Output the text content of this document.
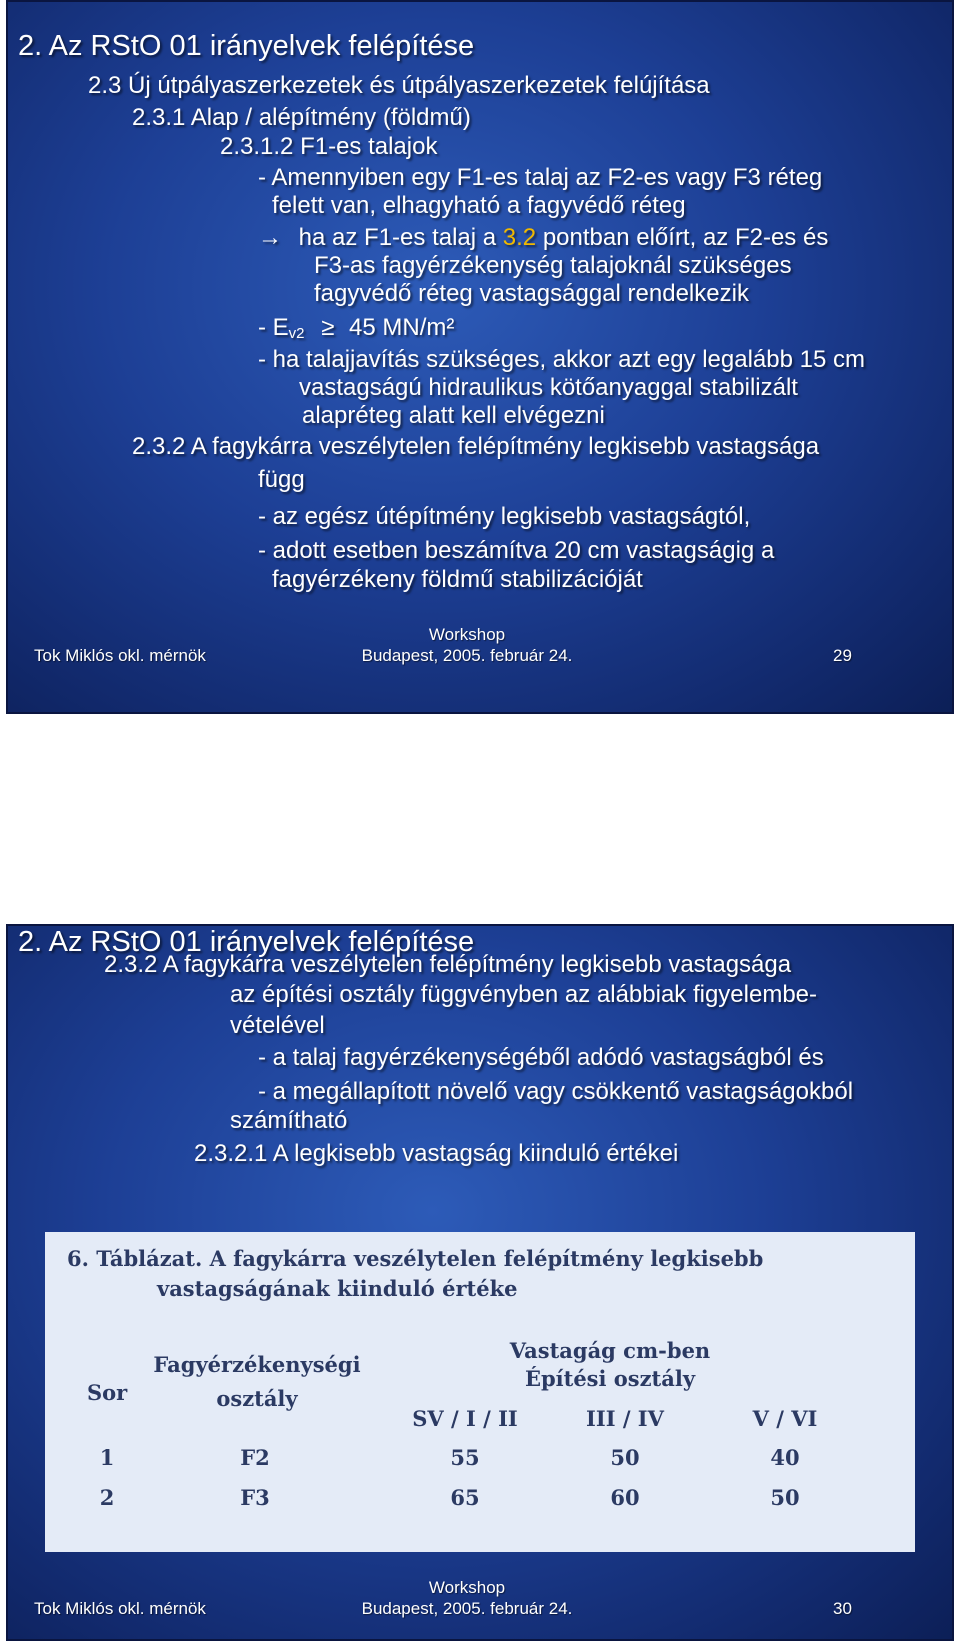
2. Az RStO 01 irányelvek felépítése
2.3 Új útpályaszerkezetek és útpályaszerkezetek felújítása
2.3.1 Alap / alépítmény (földmű)
2.3.1.2 F1-es talajok
- Amennyiben egy F1-es talaj az F2-es vagy F3 réteg
felett van, elhagyható a fagyvédő réteg
→ ha az F1-es talaj a 3.2 pontban előírt, az F2-es és
F3-as fagyérzékenység talajoknál szükséges
fagyvédő réteg vastagsággal rendelkezik
- $E_{v2} \ge 45$ MN/m²
- ha talajjavítás szükséges, akkor azt egy legalább 15 cm
vastagságú hidraulikus kötőanyaggal stabilizált
alapréteg alatt kell elvégezni
2.3.2 A fagykárra veszélytelen felépítmény legkisebb vastagsága
függ
- az egész útépítmény legkisebb vastagságtól,
- adott esetben beszámítva 20 cm vastagságig a
fagyérzékeny földmű stabilizációját
Tok Miklós okl. mérnök
Workshop
Budapest, 2005. február 24.	29
2. Az RStO 01 irányelvek felépítése
2.3.2 A fagykárra veszélytelen felépítmény legkisebb vastagsága
az építési osztály függvényben az alábbiak figyelembe-
vételével
- a talaj fagyérzékenységéből adódó vastagságból és
- a megállapított növelő vagy csökkentő vastagságokból
számítható
2.3.2.1 A legkisebb vastagság kiinduló értékei
6. Táblázat. A fagykárra veszélytelen felépítmény legkisebb
vastagságának kiinduló értéke
Sor
Fagyérzékenységi
osztály
Vastagág cm-ben
Építési osztály
SV / I / II	III / IV	V / VI
1	F2	55	50	40
2	F3	65	60	50
Tok Miklós okl. mérnök
Workshop
Budapest, 2005. február 24.	30
